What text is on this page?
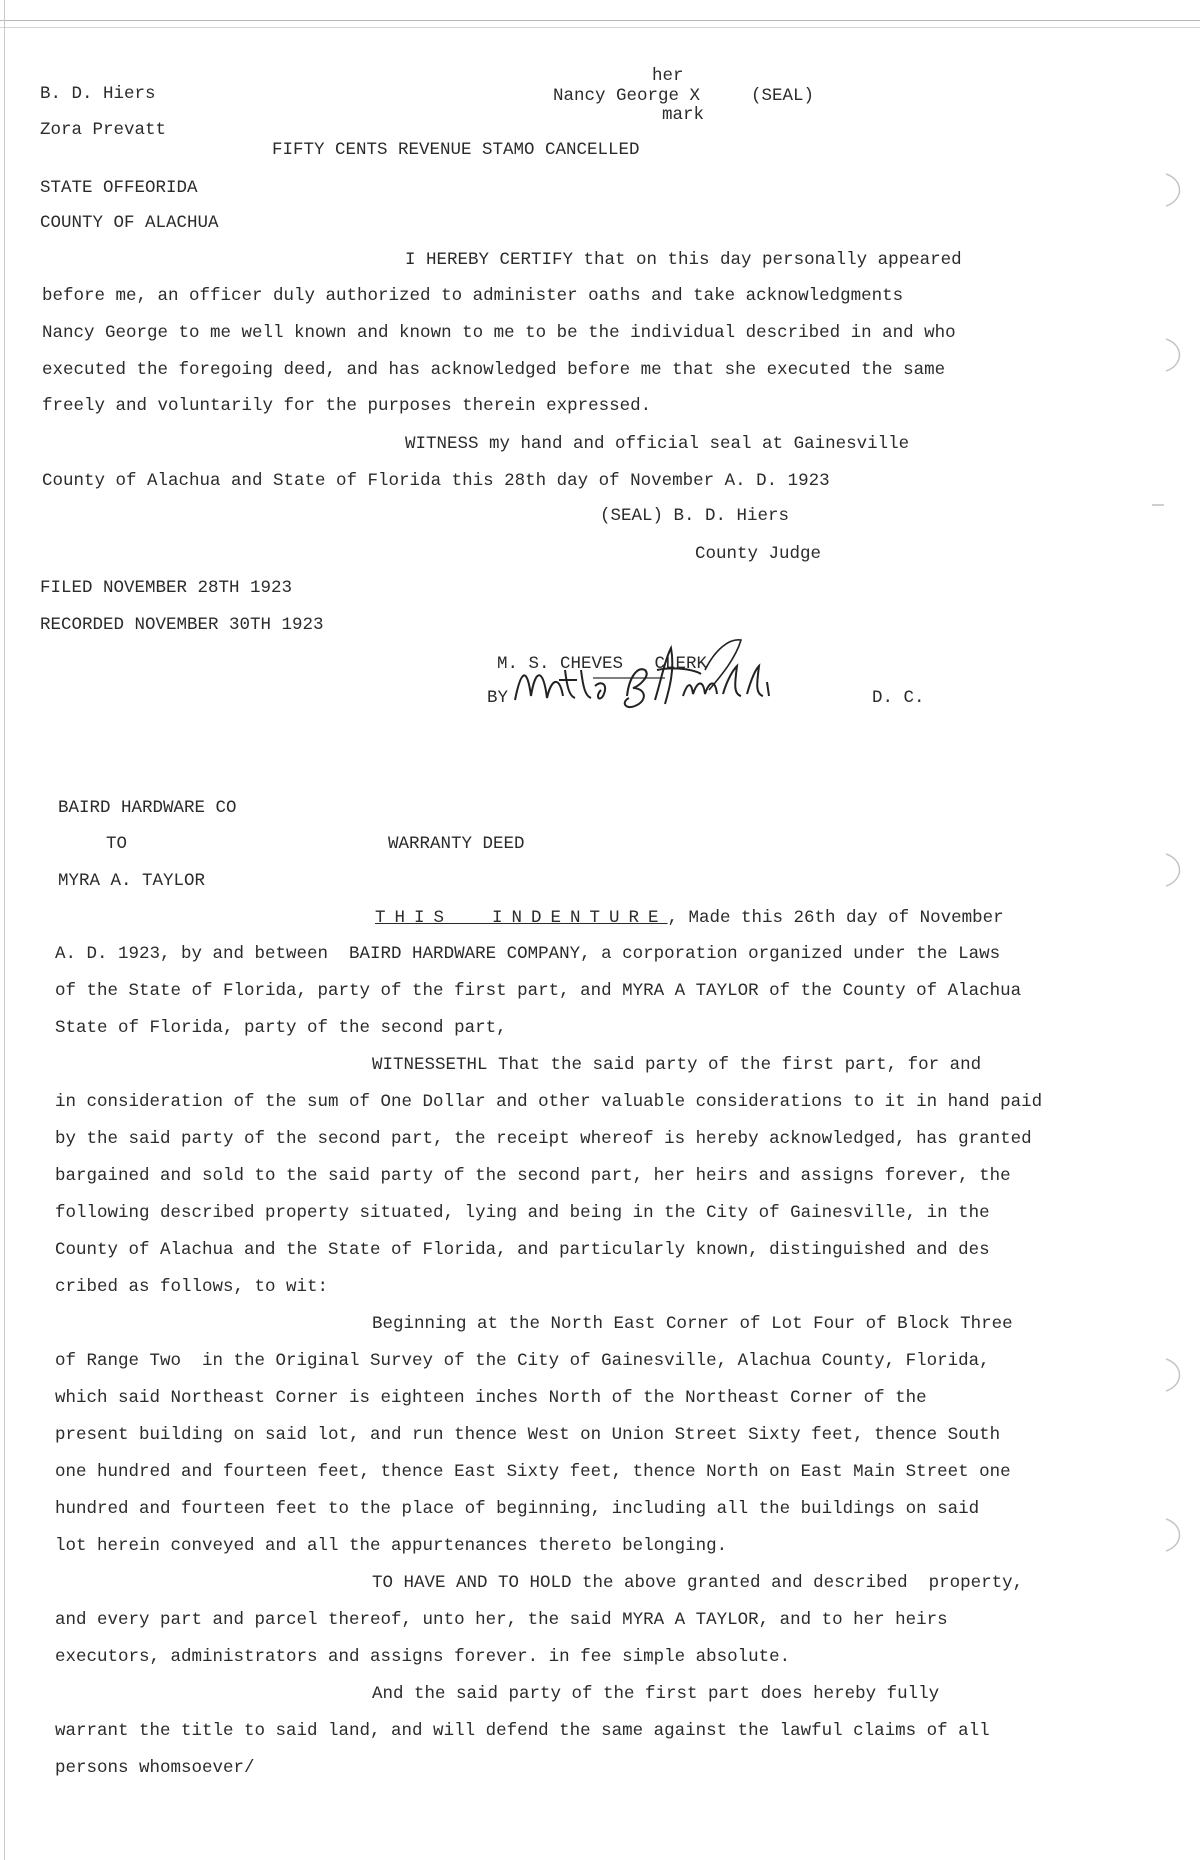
B. D. Hiers
Zora Prevatt
her
Nancy George X
mark
(SEAL)
FIFTY CENTS REVENUE STAMO CANCELLED
STATE OFFEORIDA
COUNTY OF ALACHUA
I HEREBY CERTIFY that on this day personally appeared
before me, an officer duly authorized to administer oaths and take acknowledgments
Nancy George to me well known and known to me to be the individual described in and who
executed the foregoing deed, and has acknowledged before me that she executed the same
freely and voluntarily for the purposes therein expressed.
WITNESS my hand and official seal at Gainesville
County of Alachua and State of Florida this 28th day of November A. D. 1923
(SEAL) B. D. Hiers
County Judge
FILED NOVEMBER 28TH 1923
RECORDED NOVEMBER 30TH 1923
M. S. CHEVES   CLERK
BY	D. C.
BAIRD HARDWARE CO
TO	WARRANTY DEED
MYRA A. TAYLOR
THIS  INDENTURE, Made this 26th day of November
A. D. 1923, by and between  BAIRD HARDWARE COMPANY, a corporation organized under the Laws
of the State of Florida, party of the first part, and MYRA A TAYLOR of the County of Alachua
State of Florida, party of the second part,
WITNESSETHL That the said party of the first part, for and
in consideration of the sum of One Dollar and other valuable considerations to it in hand paid
by the said party of the second part, the receipt whereof is hereby acknowledged, has granted
bargained and sold to the said party of the second part, her heirs and assigns forever, the
following described property situated, lying and being in the City of Gainesville, in the
County of Alachua and the State of Florida, and particularly known, distinguished and des
cribed as follows, to wit:
Beginning at the North East Corner of Lot Four of Block Three
of Range Two  in the Original Survey of the City of Gainesville, Alachua County, Florida,
which said Northeast Corner is eighteen inches North of the Northeast Corner of the
present building on said lot, and run thence West on Union Street Sixty feet, thence South
one hundred and fourteen feet, thence East Sixty feet, thence North on East Main Street one
hundred and fourteen feet to the place of beginning, including all the buildings on said
lot herein conveyed and all the appurtenances thereto belonging.
TO HAVE AND TO HOLD the above granted and described  property,
and every part and parcel thereof, unto her, the said MYRA A TAYLOR, and to her heirs
executors, administrators and assigns forever. in fee simple absolute.
And the said party of the first part does hereby fully
warrant the title to said land, and will defend the same against the lawful claims of all
persons whomsoever/
